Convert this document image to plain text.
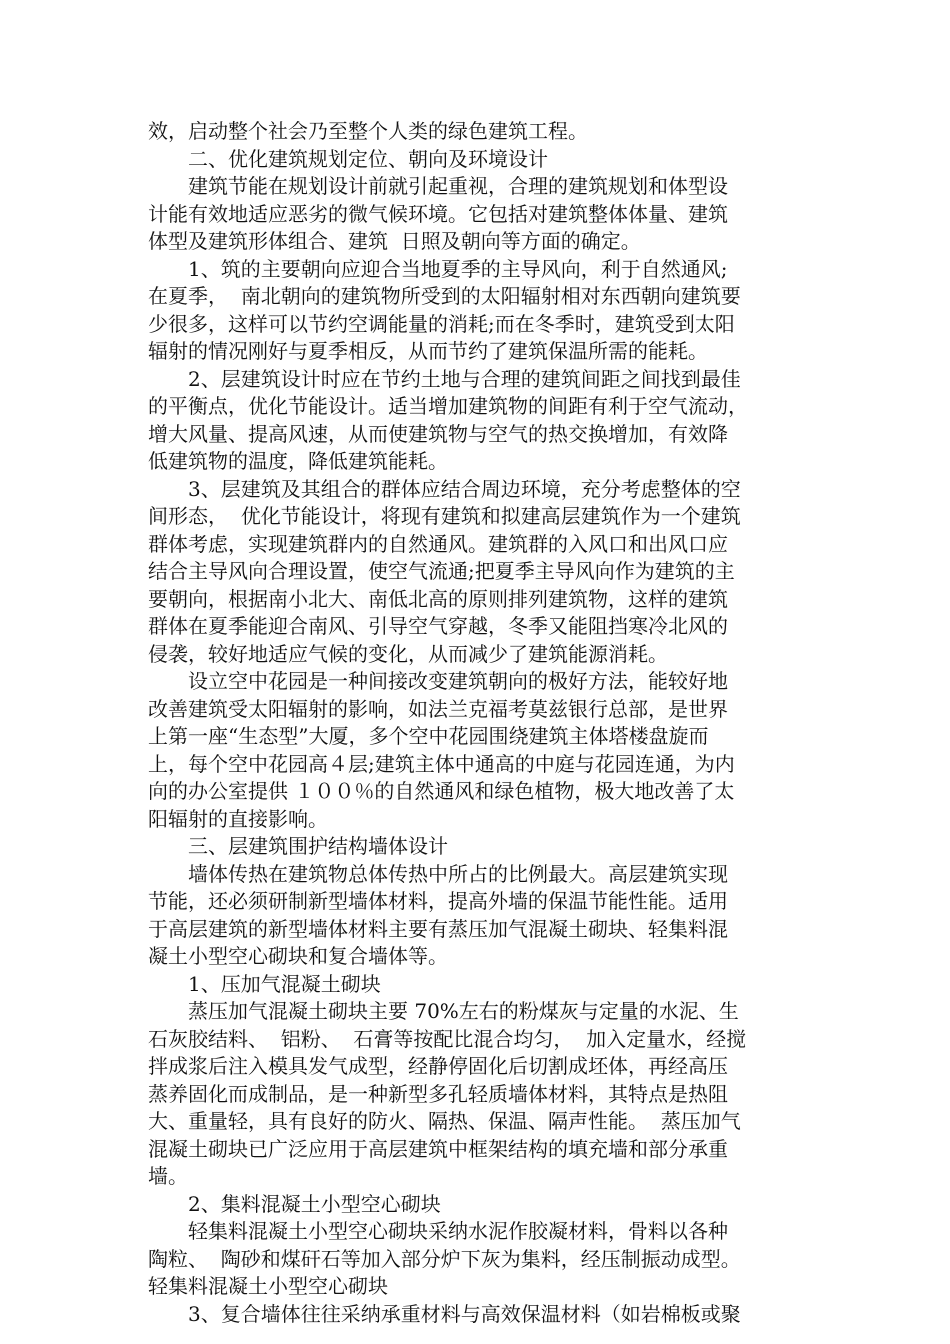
效，启动整个社会乃至整个人类的绿色建筑工程。
二、优化建筑规划定位、朝向及环境设计
建筑节能在规划设计前就引起重视，合理的建筑规划和体型设
计能有效地适应恶劣的微气候环境。它包括对建筑整体体量、建筑
体型及建筑形体组合、建筑  日照及朝向等方面的确定。
1、筑的主要朝向应迎合当地夏季的主导风向，利于自然通风;
在夏季，  南北朝向的建筑物所受到的太阳辐射相对东西朝向建筑要
少很多，这样可以节约空调能量的消耗;而在冬季时，建筑受到太阳
辐射的情况刚好与夏季相反，从而节约了建筑保温所需的能耗。
2、层建筑设计时应在节约土地与合理的建筑间距之间找到最佳
的平衡点，优化节能设计。适当增加建筑物的间距有利于空气流动，
增大风量、提高风速，从而使建筑物与空气的热交换增加，有效降
低建筑物的温度，降低建筑能耗。
3、层建筑及其组合的群体应结合周边环境，充分考虑整体的空
间形态，  优化节能设计，将现有建筑和拟建高层建筑作为一个建筑
群体考虑，实现建筑群内的自然通风。建筑群的入风口和出风口应
结合主导风向合理设置，使空气流通;把夏季主导风向作为建筑的主
要朝向，根据南小北大、南低北高的原则排列建筑物，这样的建筑
群体在夏季能迎合南风、引导空气穿越，冬季又能阻挡寒冷北风的
侵袭，较好地适应气候的变化，从而减少了建筑能源消耗。
设立空中花园是一种间接改变建筑朝向的极好方法，能较好地
改善建筑受太阳辐射的影响，如法兰克福考莫兹银行总部，是世界
上第一座“生态型”大厦，多个空中花园围绕建筑主体塔楼盘旋而
上，每个空中花园高４层;建筑主体中通高的中庭与花园连通，为内
向的办公室提供 １００％的自然通风和绿色植物，极大地改善了太
阳辐射的直接影响。
三、层建筑围护结构墙体设计
墙体传热在建筑物总体传热中所占的比例最大。高层建筑实现
节能，还必须研制新型墙体材料，提高外墙的保温节能性能。适用
于高层建筑的新型墙体材料主要有蒸压加气混凝土砌块、轻集料混
凝土小型空心砌块和复合墙体等。
1、压加气混凝土砌块
蒸压加气混凝土砌块主要 70%左右的粉煤灰与定量的水泥、生
石灰胶结料、  铝粉、  石膏等按配比混合均匀，  加入定量水，经搅
拌成浆后注入模具发气成型，经静停固化后切割成坯体，再经高压
蒸养固化而成制品，是一种新型多孔轻质墙体材料，其特点是热阻
大、重量轻，具有良好的防火、隔热、保温、隔声性能。  蒸压加气
混凝土砌块已广泛应用于高层建筑中框架结构的填充墙和部分承重
墙。
2、集料混凝土小型空心砌块
轻集料混凝土小型空心砌块采纳水泥作胶凝材料，骨料以各种
陶粒、  陶砂和煤矸石等加入部分炉下灰为集料，经压制振动成型。
轻集料混凝土小型空心砌块
3、复合墙体往往采纳承重材料与高效保温材料（如岩棉板或聚
